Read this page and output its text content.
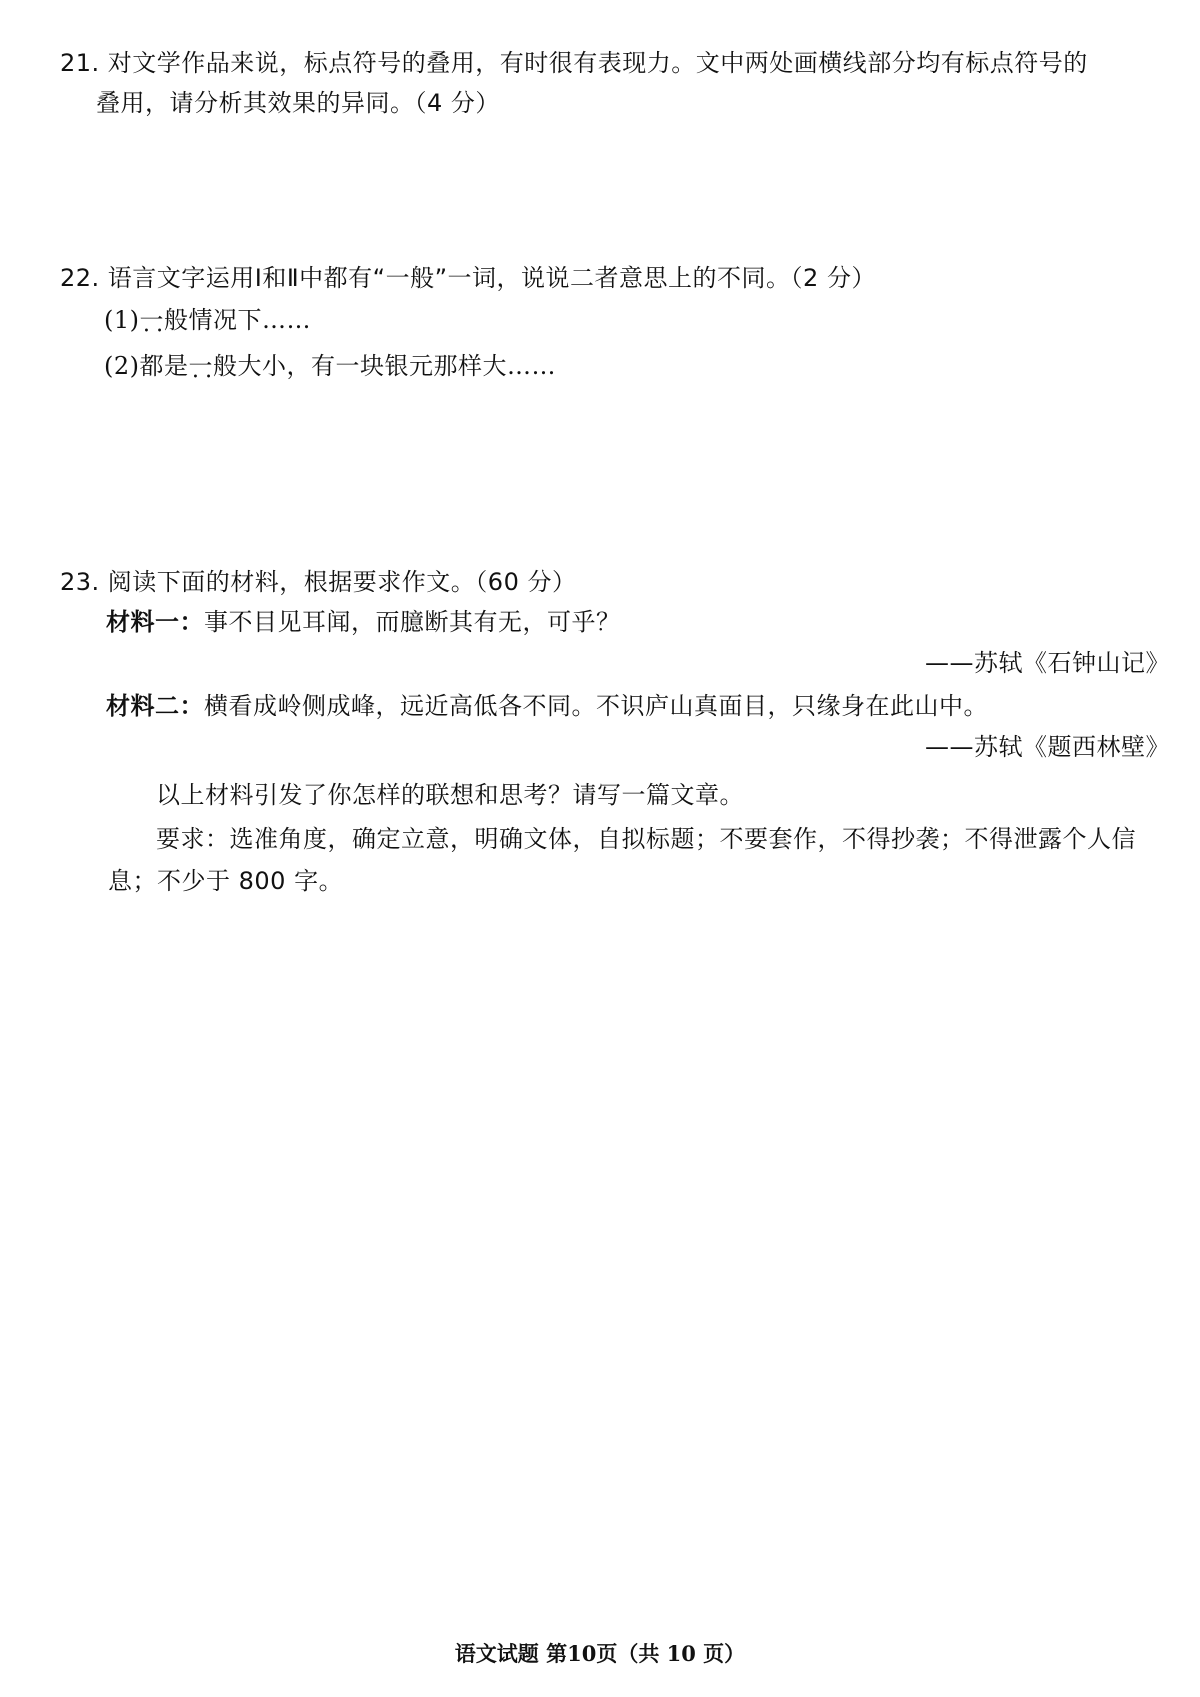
21. 对文学作品来说，标点符号的叠用，有时很有表现力。文中两处画横线部分均有标点符号的
叠用，请分析其效果的异同。（4 分）
22. 语言文字运用Ⅰ和Ⅱ中都有“一般”一词，说说二者意思上的不同。（2 分）
(1)一般 • •情况下……
(2)都是一般 • •大小，有一块银元那样大……
23. 阅读下面的材料，根据要求作文。（60 分）
材料一：事不目见耳闻，而臆断其有无，可乎？
——苏轼《石钟山记》
材料二：横看成岭侧成峰，远近高低各不同。不识庐山真面目，只缘身在此山中。
——苏轼《题西林壁》
以上材料引发了你怎样的联想和思考？请写一篇文章。
要求：选准角度，确定立意，明确文体，自拟标题；不要套作，不得抄袭；不得泄露个人信
息；不少于 800 字。
语文试题 第10页（共 10 页）
